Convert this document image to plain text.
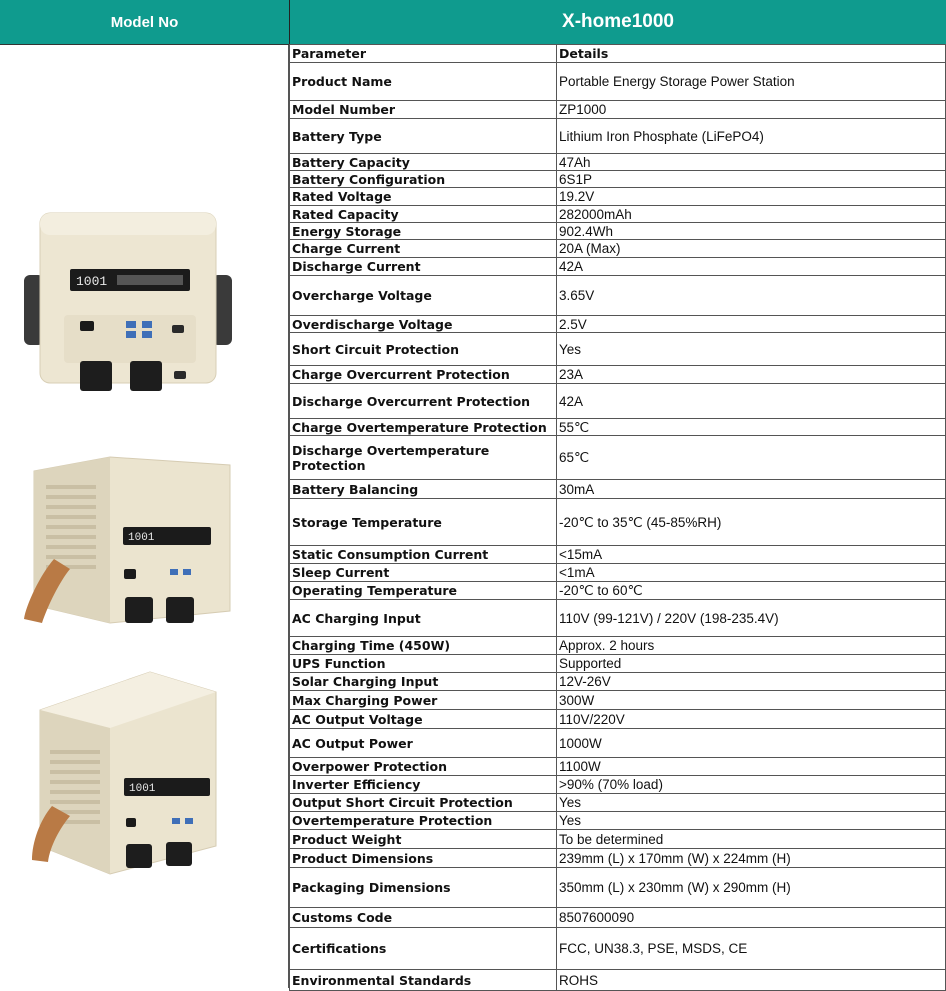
Model No	X-home1000
1001
1001
1001
Parameter	Details
Product Name	Portable Energy Storage Power Station
Model Number	ZP1000
Battery Type	Lithium Iron Phosphate (LiFePO4)
Battery Capacity	47Ah
Battery Configuration	6S1P
Rated Voltage	19.2V
Rated Capacity	282000mAh
Energy Storage	902.4Wh
Charge Current	20A (Max)
Discharge Current	42A
Overcharge Voltage	3.65V
Overdischarge Voltage	2.5V
Short Circuit Protection	Yes
Charge Overcurrent Protection	23A
Discharge Overcurrent Protection	42A
Charge Overtemperature Protection	55℃
Discharge Overtemperature Protection	65℃
Battery Balancing	30mA
Storage Temperature	-20℃ to 35℃ (45-85%RH)
Static Consumption Current	<15mA
Sleep Current	<1mA
Operating Temperature	-20℃ to 60℃
AC Charging Input	110V (99-121V) / 220V (198-235.4V)
Charging Time (450W)	Approx. 2 hours
UPS Function	Supported
Solar Charging Input	12V-26V
Max Charging Power	300W
AC Output Voltage	110V/220V
AC Output Power	1000W
Overpower Protection	1100W
Inverter Efficiency	>90% (70% load)
Output Short Circuit Protection	Yes
Overtemperature Protection	Yes
Product Weight	To be determined
Product Dimensions	239mm (L) x 170mm (W) x 224mm (H)
Packaging Dimensions	350mm (L) x 230mm (W) x 290mm (H)
Customs Code	8507600090
Certifications	FCC, UN38.3, PSE, MSDS, CE
Environmental Standards	ROHS
